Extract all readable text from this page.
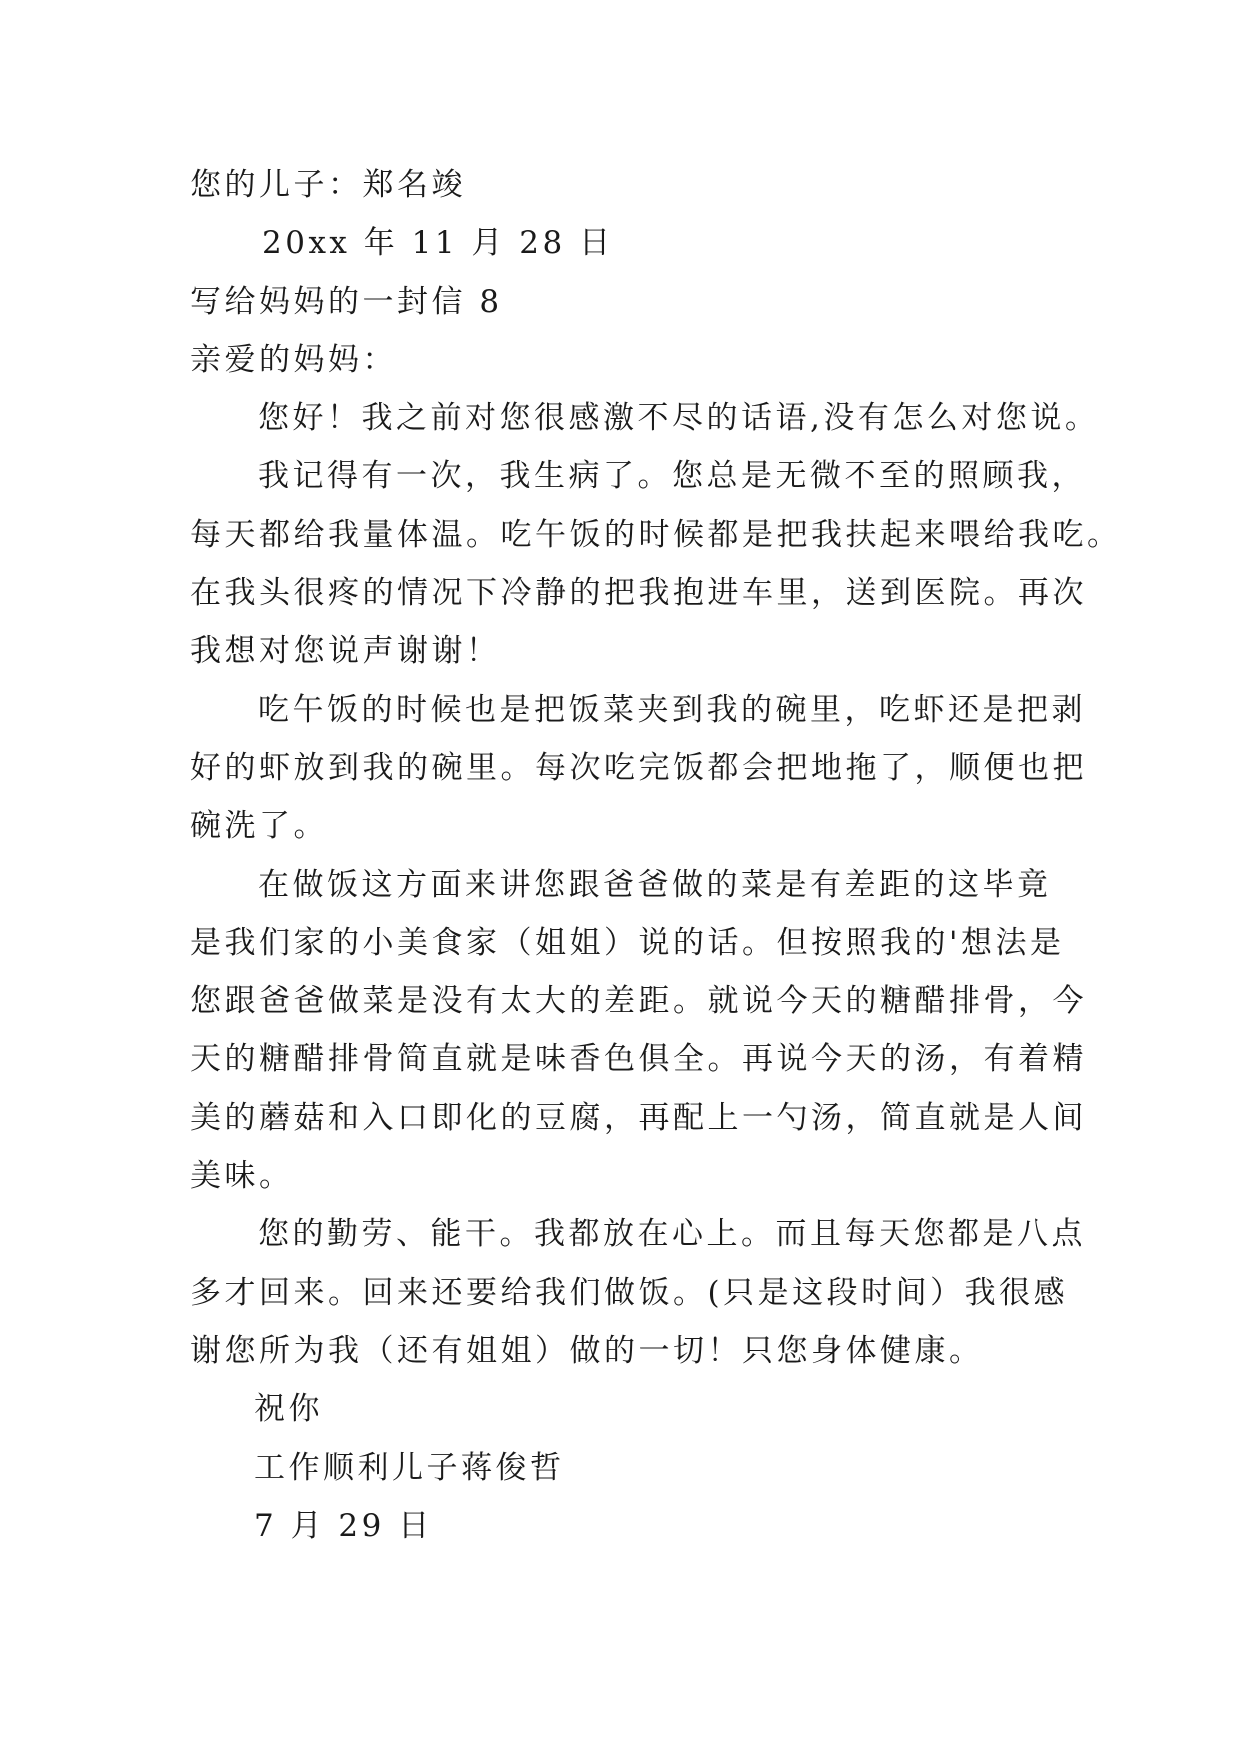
您的儿子：郑名竣
20xx 年 11 月 28 日
写给妈妈的一封信 8
亲爱的妈妈：
您好！我之前对您很感激不尽的话语,没有怎么对您说。
我记得有一次，我生病了。您总是无微不至的照顾我，
每天都给我量体温。吃午饭的时候都是把我扶起来喂给我吃。
在我头很疼的情况下冷静的把我抱进车里，送到医院。再次
我想对您说声谢谢！
吃午饭的时候也是把饭菜夹到我的碗里，吃虾还是把剥
好的虾放到我的碗里。每次吃完饭都会把地拖了，顺便也把
碗洗了。
在做饭这方面来讲您跟爸爸做的菜是有差距的这毕竟
是我们家的小美食家（姐姐）说的话。但按照我的'想法是
您跟爸爸做菜是没有太大的差距。就说今天的糖醋排骨，今
天的糖醋排骨简直就是味香色俱全。再说今天的汤，有着精
美的蘑菇和入口即化的豆腐，再配上一勺汤，简直就是人间
美味。
您的勤劳、能干。我都放在心上。而且每天您都是八点
多才回来。回来还要给我们做饭。(只是这段时间）我很感
谢您所为我（还有姐姐）做的一切！只您身体健康。
祝你
工作顺利儿子蒋俊哲
7 月 29 日
